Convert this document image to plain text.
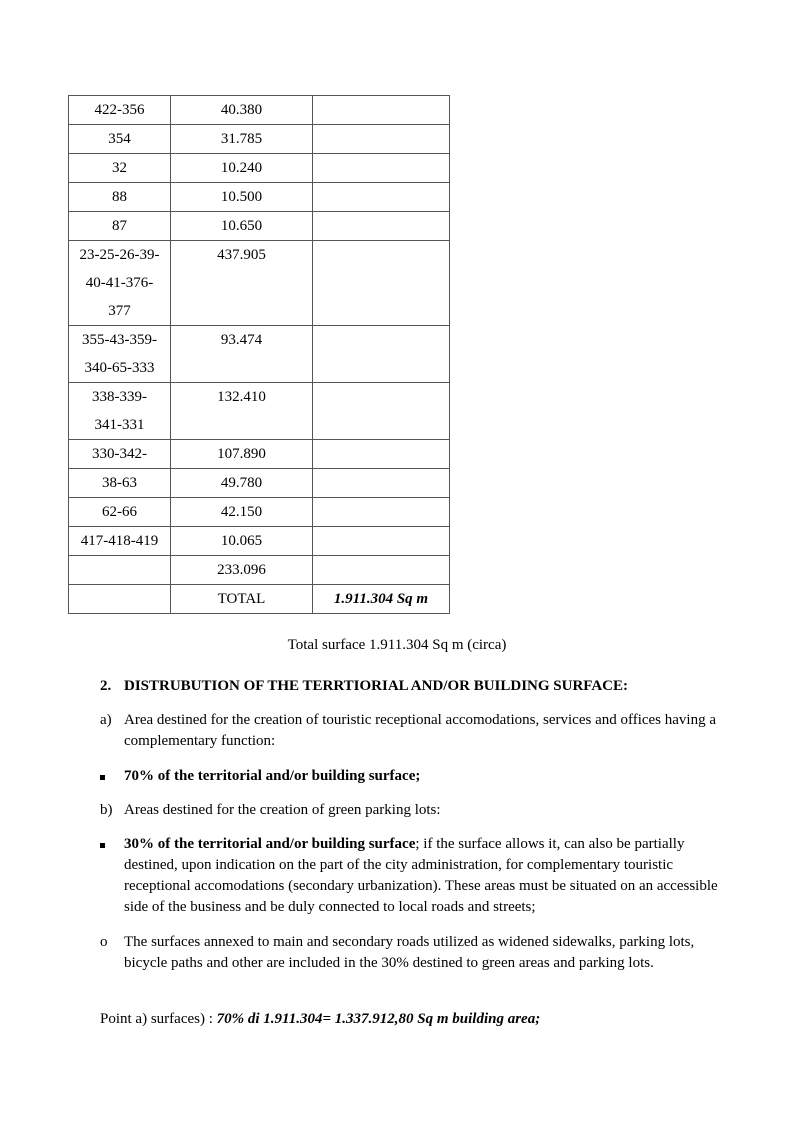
422-356	40.380	

354	31.785	

32	10.240	

88	10.500	

87	10.650	

23-25-26-39-
40-41-376-
377	437.905	

355-43-359-
340-65-333	93.474	

338-339-
341-331	132.410	

330-342-	107.890	

38-63	49.780	

62-66	42.150	

417-418-419	10.065	

	233.096	

	TOTAL	1.911.304 Sq m
Total surface 1.911.304 Sq m (circa)
2. DISTRUBUTION OF THE TERRTIORIAL AND/OR BUILDING SURFACE:
a) Area destined for the creation of touristic receptional accomodations, services and offices having a complementary function:
70% of the territorial and/or building surface;
b) Areas destined for the creation of green parking lots:
30% of the territorial and/or building surface; if the surface allows it, can also be partially destined, upon indication on the part of the city administration, for complementary touristic receptional accomodations (secondary urbanization). These areas must be situated on an accessible side of the business and be duly connected to local roads and streets;
o	The surfaces annexed to main and secondary roads utilized as widened sidewalks, parking lots, bicycle paths and other are included in the 30% destined to green areas and parking lots.
Point a) surfaces) : 70% di 1.911.304= 1.337.912,80 Sq m building area;
